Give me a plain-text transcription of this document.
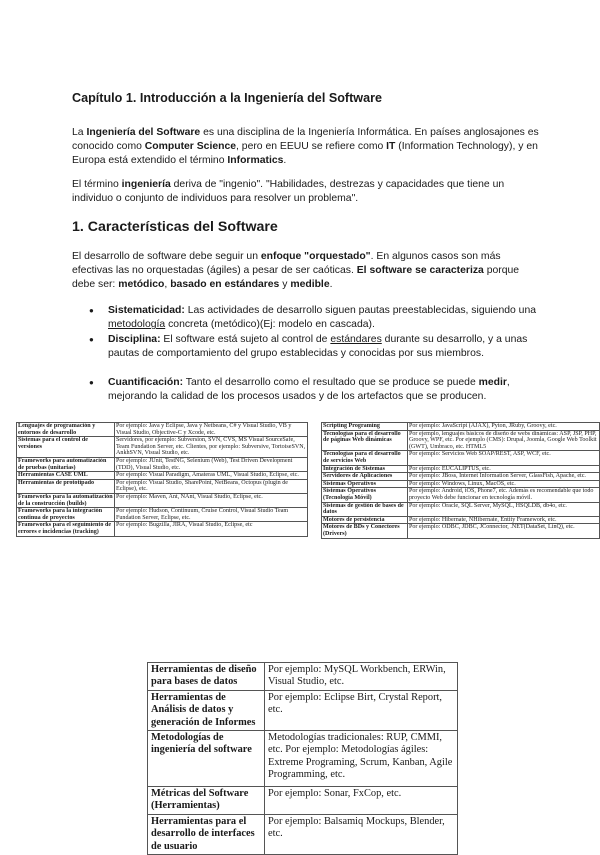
Capítulo 1. Introducción a la Ingeniería del Software

La Ingeniería del Software es una disciplina de la Ingeniería Informática. En países anglosajones es conocido como Computer Science, pero en EEUU se refiere como IT (Information Technology), y en Europa está extendido el término Informatics.

El término ingeniería deriva de "ingenio". "Habilidades, destrezas y capacidades que tiene un individuo o conjunto de individuos para resolver un problema".

1. Características del Software

El desarrollo de software debe seguir un enfoque "orquestado". En algunos casos son más efectivas las no orquestadas (ágiles) a pesar de ser caóticas. El software se caracteriza porque debe ser: metódico, basado en estándares y medible.

● Sistematicidad: Las actividades de desarrollo siguen pautas preestablecidas, siguiendo una metodología concreta (metódico)(Ej: modelo en cascada).
● Disciplina: El software está sujeto al control de estándares durante su desarrollo, y a unas pautas de comportamiento del grupo establecidas y conocidas por sus miembros.
● Cuantificación: Tanto el desarrollo como el resultado que se produce se puede medir, mejorando la calidad de los procesos usados y de los artefactos que se producen.
Lenguajes de programación y entornos de desarrollo	Por ejemplo: Java y Eclipse, Java y Netbeans, C# y Visual Studio, VB y Visual Studio, Objective-C y Xcode, etc.
Sistemas para el control de versiones	Servidores, por ejemplo: Subversion, SVN, CVS, MS Visual SourceSafe, Team Fundation Server, etc. Clientes, por ejemplo: Subversive, TortoiseSVN, AnkhSVN, Visual Studio, etc.
Frameworks para automatización de pruebas (unitarias)	Por ejemplo: JUnit, TestNG, Selenium (Web), Test Driven Development (TDD), Visual Studio, etc.
Herramientas CASE UML	Por ejemplo: Visual Paradigm, Amateras UML, Visual Studio, Eclipse, etc.
Herramientas de prototipado	Por ejemplo: Visual Studio, SharePoint, NetBeans, Octopus (plugin de Eclipse), etc.
Frameworks para la automatización de la construcción (builds)	Por ejemplo: Maven, Ant, NAnt, Visual Studio, Eclipse, etc.
Frameworks para la integración continua de proyectos	Por ejemplo: Hudson, Continuum, Cruise Control, Visual Studio Team Fundation Server, Eclipse, etc.
Frameworks para el seguimiento de errores e incidencias (tracking)	Por ejemplo: Bugzilla, JIRA, Visual Studio, Eclipse, etc
Scripting Programing	Por ejemplo: JavaScript (AJAX), Pyton, JRuby, Groovy, etc.
Tecnologías para el desarrollo de páginas Web dinámicas	Por ejemplo, lenguajes básicos de diseño de webs dinámicas: ASP, JSP, PHP, Groovy, WPF, etc. Por ejemplo (CMS): Drupal, Joomla, Google Web Toolkit (GWT), Umbraco, etc. HTML5
Tecnologías para el desarrollo de servicios Web	Por ejemplo: Servicios Web SOAP/REST, ASP, WCF, etc.
Integración de Sistemas	Por ejemplo: EUCALIPTUS, etc.
Servidores de Aplicaciones	Por ejemplo: JBoss, Internet Information Server, GlassFish, Apache, etc.
Sistemas Operativos	Por ejemplo: Windows, Linux, MacOS, etc.
Sistemas Operativos (Tecnología Móvil)	Por ejemplo: Android, iOS, Phone7, etc. Además es recomendable que todo proyecto Web debe funcionar en tecnología móvil.
Sistemas de gestión de bases de datos	Por ejemplo: Oracle, SQL Server, MySQL, HSQLDB, db4o, etc.
Motores de persistencia	Por ejemplo: Hibernate, NHibernate, Entity Framework, etc.
Motores de BDs y Conectores (Drivers)	Por ejemplo: ODBC, JDBC, JConnector, .NET(DataSet, LinQ), etc.
Herramientas de diseño para bases de datos	Por ejemplo: MySQL Workbench, ERWin, Visual Studio, etc.
Herramientas de Análisis de datos y generación de Informes	Por ejemplo: Eclipse Birt, Crystal Report, etc.
Metodologías de ingeniería del software	Metodologías tradicionales: RUP, CMMI, etc. Por ejemplo: Metodologías ágiles: Extreme Programing, Scrum, Kanban, Agile Programming, etc.
Métricas del Software (Herramientas)	Por ejemplo: Sonar, FxCop, etc.
Herramientas para el desarrollo de interfaces de usuario	Por ejemplo: Balsamiq Mockups, Blender, etc.
